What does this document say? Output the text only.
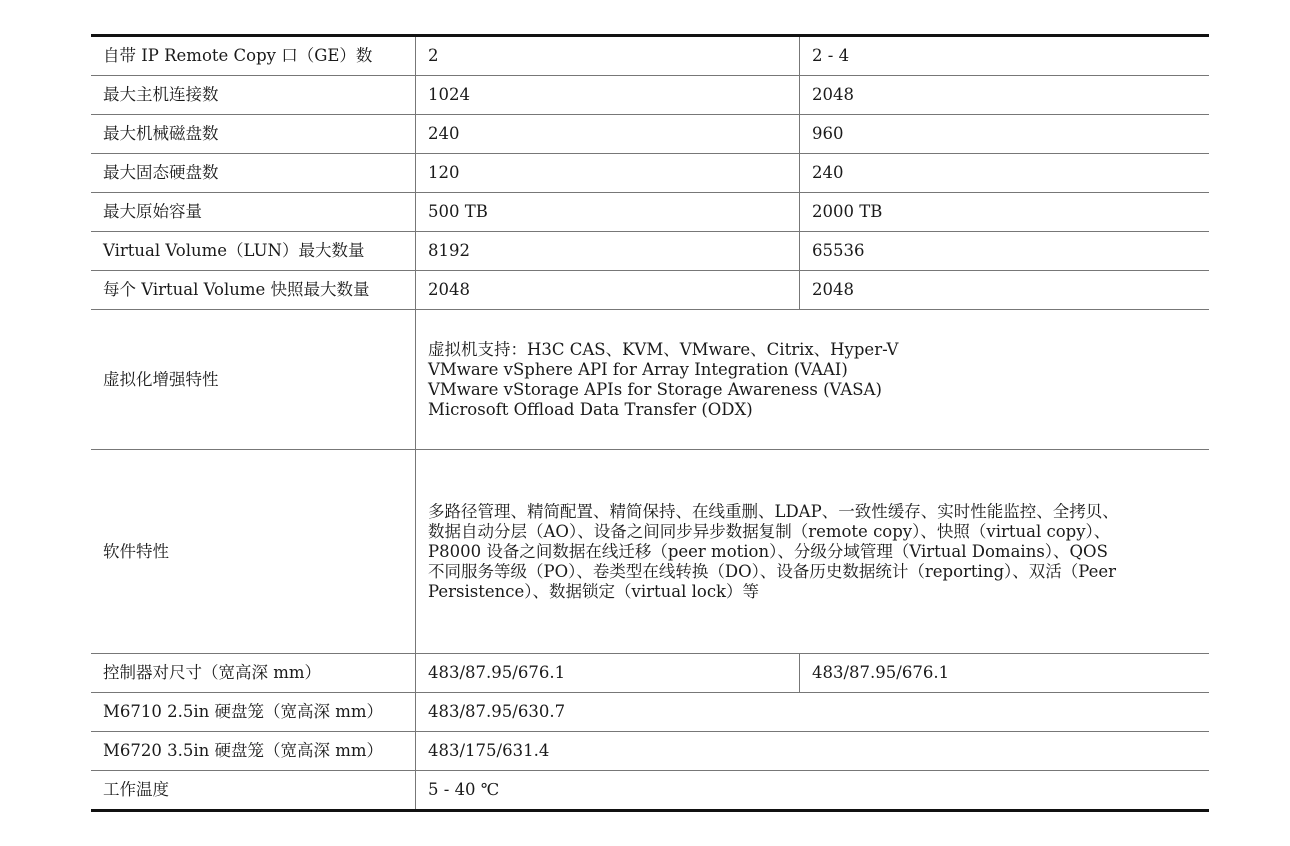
自带 IP Remote Copy 口（GE）数	2	2 - 4
最大主机连接数	1024	2048
最大机械磁盘数	240	960
最大固态硬盘数	120	240
最大原始容量	500 TB	2000 TB
Virtual Volume（LUN）最大数量	8192	65536
每个 Virtual Volume 快照最大数量	2048	2048
虚拟化增强特性	虚拟机支持：H3C CAS、KVM、VMware、Citrix、Hyper-V
VMware vSphere API for Array Integration (VAAI)
VMware vStorage APIs for Storage Awareness (VASA)
Microsoft Offload Data Transfer (ODX)	

软件特性	多路径管理、精简配置、精简保持、在线重删、LDAP、一致性缓存、实时性能监控、全拷贝、
数据自动分层（AO）、设备之间同步异步数据复制（remote copy）、快照（virtual copy）、
P8000 设备之间数据在线迁移（peer motion）、分级分域管理（Virtual Domains）、QOS
不同服务等级（PO）、卷类型在线转换（DO）、设备历史数据统计（reporting）、双活（Peer
Persistence）、数据锁定（virtual lock）等	

控制器对尺寸（宽高深 mm）	483/87.95/676.1	483/87.95/676.1
M6710 2.5in 硬盘笼（宽高深 mm）	483/87.95/630.7	
M6720 3.5in 硬盘笼（宽高深 mm）	483/175/631.4	
工作温度	5 - 40 ℃	
